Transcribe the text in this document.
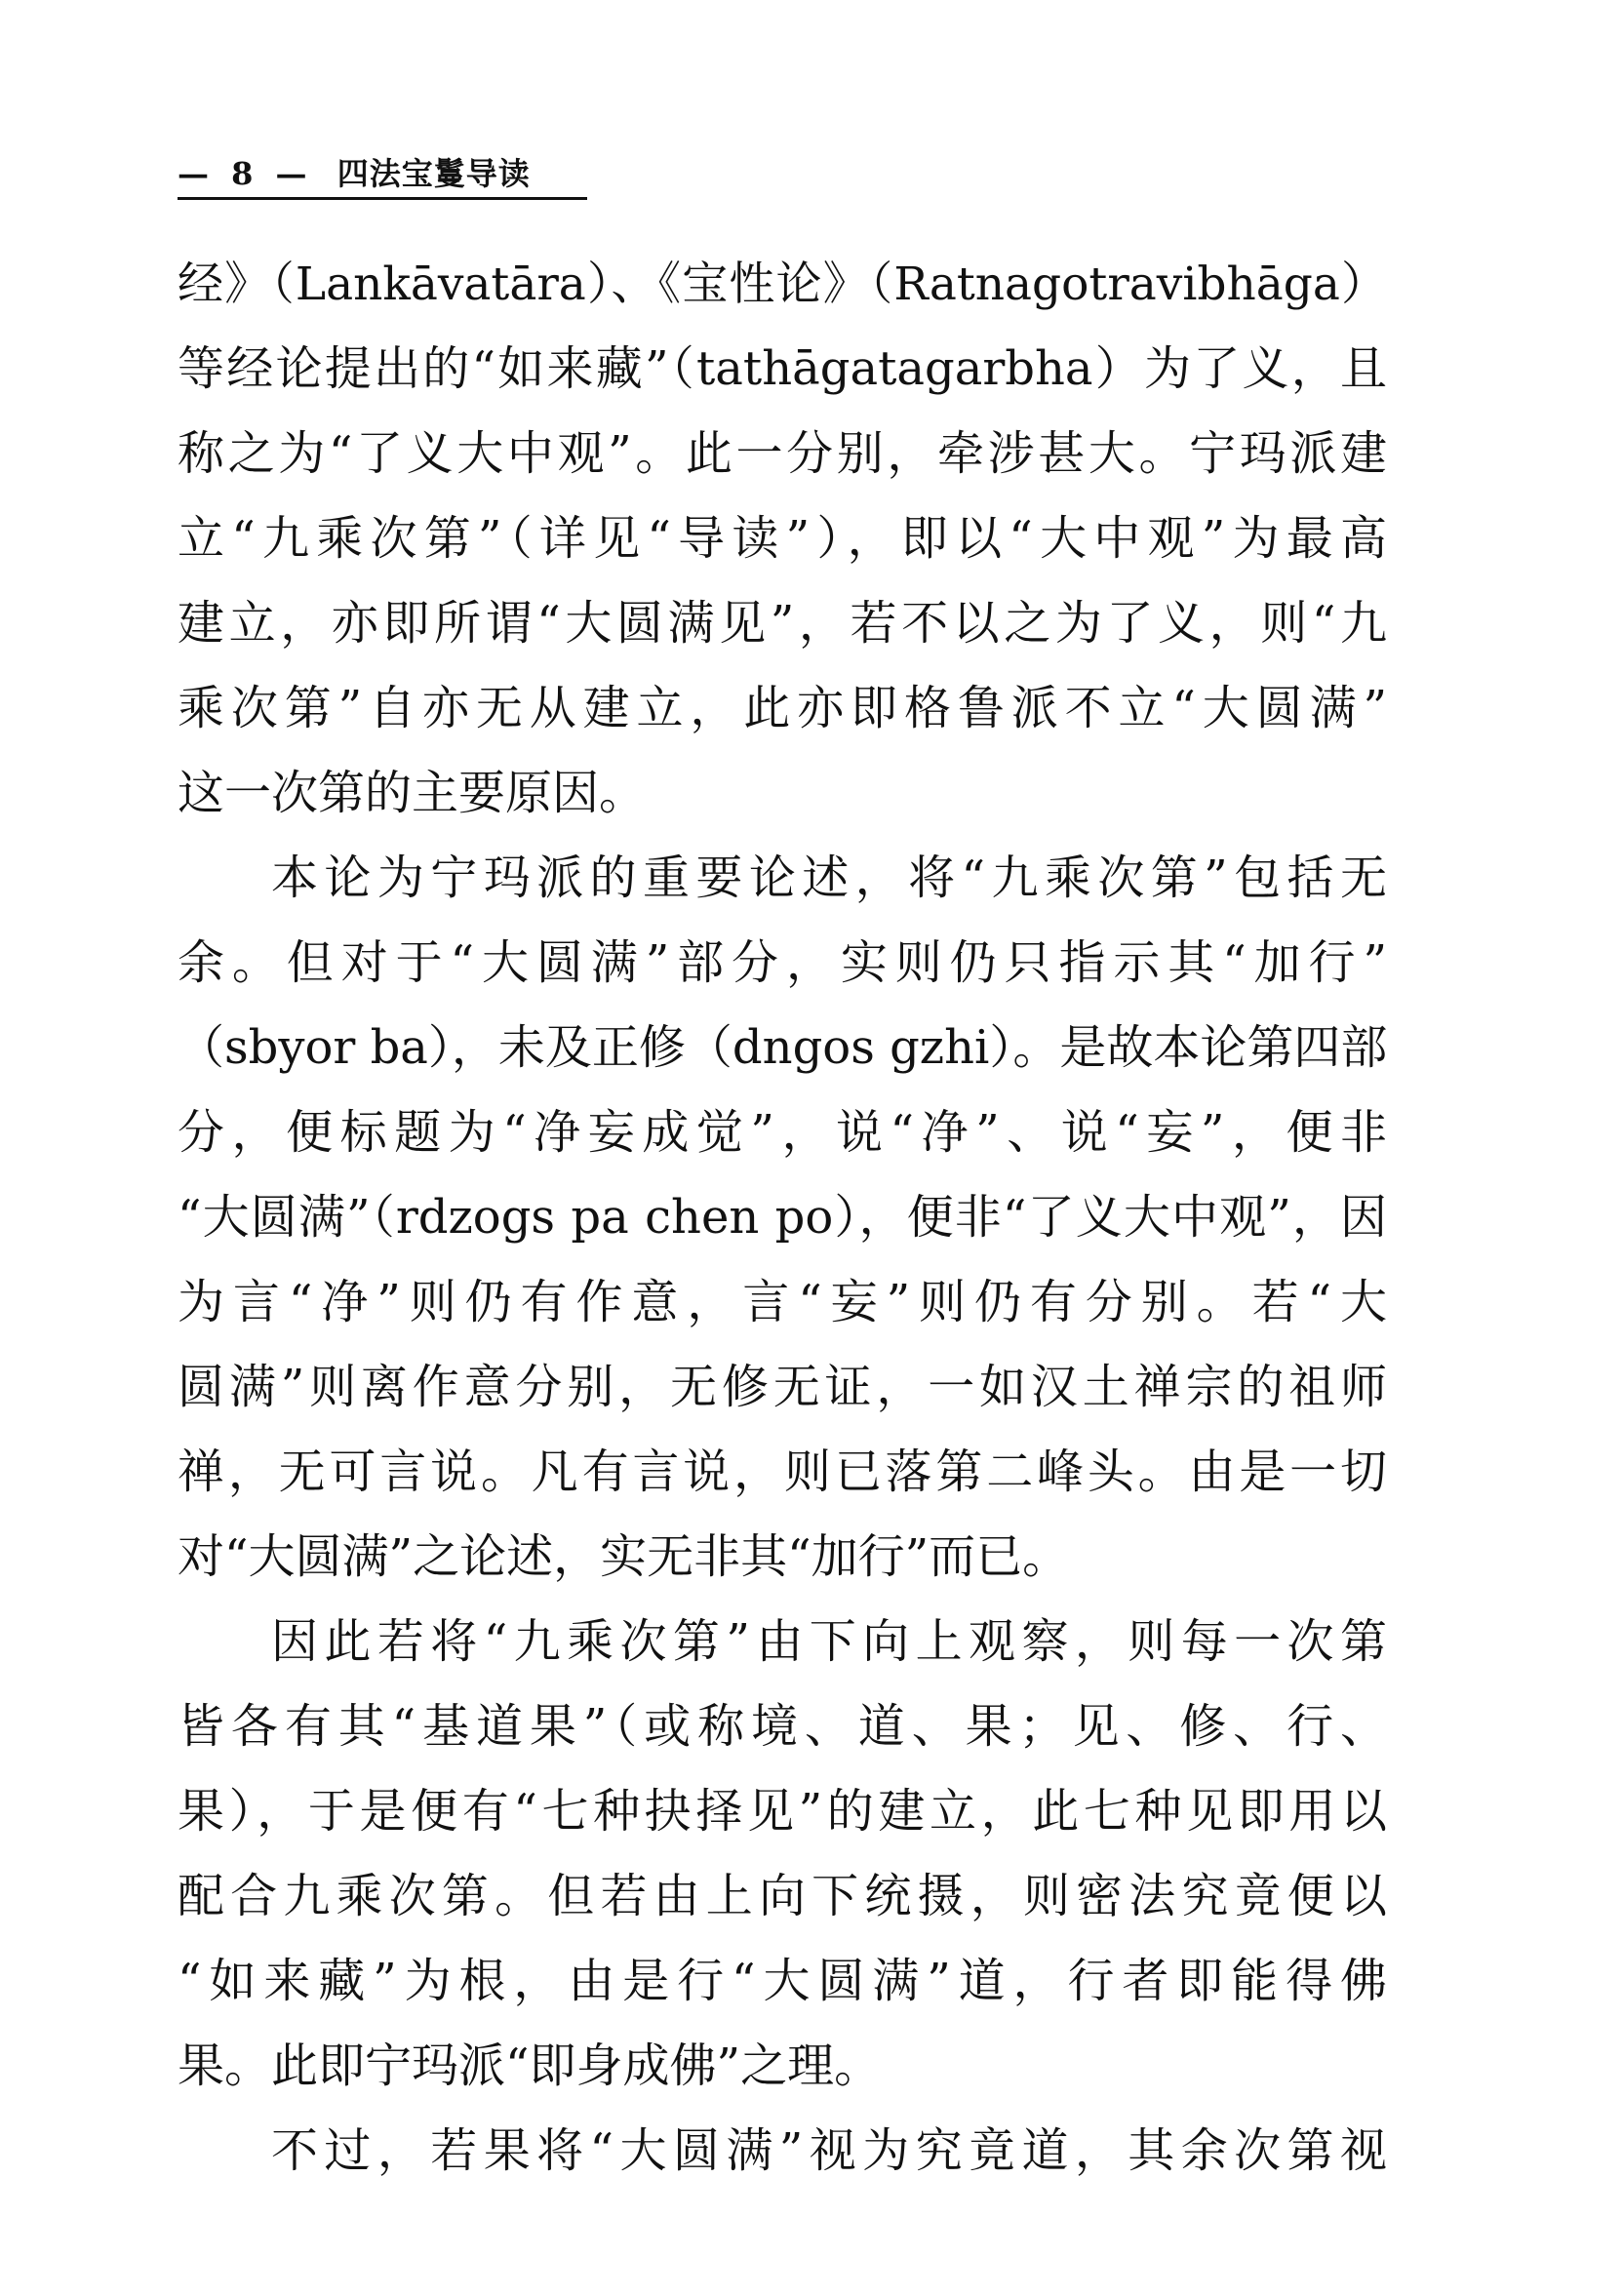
— 8 — 四法宝鬘导读
经》（Lankāvatāra）、《宝性论》（Ratnagotravibhāga）
等经论提出的“如来藏”（tathāgatagarbha）为了义，且
称之为“了义大中观”。此一分别，牵涉甚大。宁玛派建
立“九乘次第”（详见“导读”），即以“大中观”为最高
建立，亦即所谓“大圆满见”，若不以之为了义，则“九
乘次第”自亦无从建立，此亦即格鲁派不立“大圆满”
这一次第的主要原因。
本论为宁玛派的重要论述，将“九乘次第”包括无
余。但对于“大圆满”部分，实则仍只指示其“加行”
（sbyor ba），未及正修（dngos gzhi）。是故本论第四部
分，便标题为“净妄成觉”，说“净”、说“妄”，便非
“大圆满”（rdzogs pa chen po），便非“了义大中观”，因
为言“净”则仍有作意，言“妄”则仍有分别。若“大
圆满”则离作意分别，无修无证，一如汉土禅宗的祖师
禅，无可言说。凡有言说，则已落第二峰头。由是一切
对“大圆满”之论述，实无非其“加行”而已。
因此若将“九乘次第”由下向上观察，则每一次第
皆各有其“基道果”（或称境、道、果；见、修、行、
果），于是便有“七种抉择见”的建立，此七种见即用以
配合九乘次第。但若由上向下统摄，则密法究竟便以
“如来藏”为根，由是行“大圆满”道，行者即能得佛
果。此即宁玛派“即身成佛”之理。
不过，若果将“大圆满”视为究竟道，其余次第视
